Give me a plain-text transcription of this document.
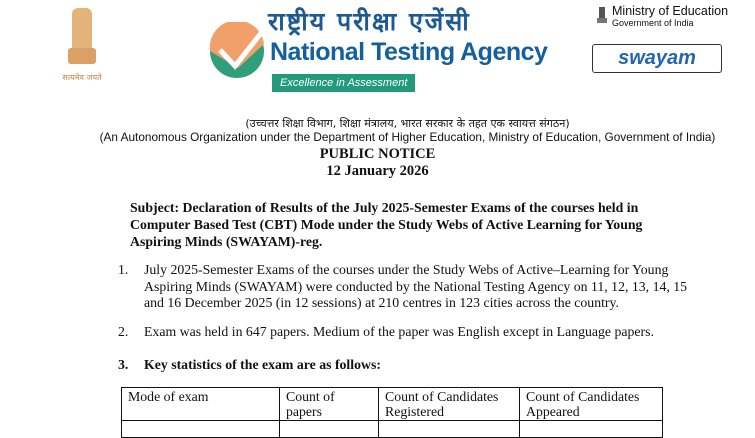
सत्यमेव जयते
राष्ट्रीय परीक्षा एजेंसी
National Testing Agency
Excellence in Assessment
Ministry of Education
Government of India
swayam
(उच्चत्तर शिक्षा विभाग, शिक्षा मंत्रालय, भारत सरकार के तहत एक स्वायत्त संगठन)
(An Autonomous Organization under the Department of Higher Education, Ministry of Education, Government of India)
PUBLIC NOTICE
12 January 2026
Subject: Declaration of Results of the July 2025-Semester Exams of the courses held in Computer Based Test (CBT) Mode under the Study Webs of Active Learning for Young Aspiring Minds (SWAYAM)-reg.
1. July 2025-Semester Exams of the courses under the Study Webs of Active–Learning for Young Aspiring Minds (SWAYAM) were conducted by the National Testing Agency on 11, 12, 13, 14, 15 and 16 December 2025 (in 12 sessions) at 210 centres in 123 cities across the country.
2. Exam was held in 647 papers. Medium of the paper was English except in Language papers.
3. Key statistics of the exam are as follows:
Mode of exam	Count of papers	Count of Candidates Registered	Count of Candidates Appeared
